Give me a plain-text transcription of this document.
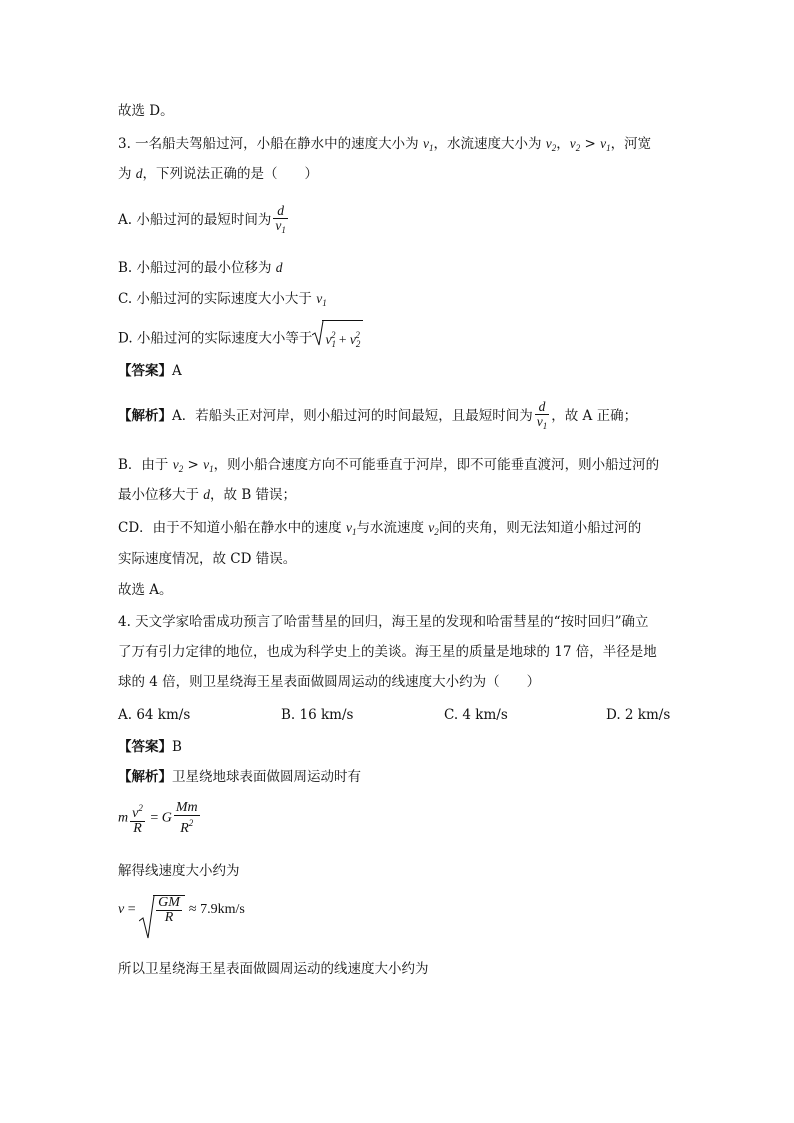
故选 D。
3. 一名船夫驾船过河，小船在静水中的速度大小为 $v_1$，水流速度大小为 $v_2$，$v_2 > v_1$，河宽
为 d，下列说法正确的是（　　）
A. 小船过河的最短时间为 $\frac{d}{v_1}$
B. 小船过河的最小位移为 d
C. 小船过河的实际速度大小大于 $v_1$
D. 小船过河的实际速度大小等于 $v_1^2 + v_2^2$
【答案】A
【解析】A．若船头正对河岸，则小船过河的时间最短，且最短时间为 $\frac{d}{v_1}$ ，故 A 正确；
B．由于 $v_2 > v_1$，则小船合速度方向不可能垂直于河岸，即不可能垂直渡河，则小船过河的
最小位移大于 d，故 B 错误；
CD．由于不知道小船在静水中的速度 $v_1$与水流速度 $v_2$间的夹角，则无法知道小船过河的
实际速度情况，故 CD 错误。
故选 A。
4. 天文学家哈雷成功预言了哈雷彗星的回归，海王星的发现和哈雷彗星的“按时回归”确立
了万有引力定律的地位，也成为科学史上的美谈。海王星的质量是地球的 17 倍，半径是地
球的 4 倍，则卫星绕海王星表面做圆周运动的线速度大小约为（　　）
A. 64 km/s	B. 16 km/s	C. 4 km/s	D. 2 km/s
【答案】B
【解析】卫星绕地球表面做圆周运动时有
m $\frac{v^2}{R} = G \frac{Mm}{R^2}$
解得线速度大小约为
$v = \frac{GM}{R} \approx 7.9km/s$
所以卫星绕海王星表面做圆周运动的线速度大小约为
